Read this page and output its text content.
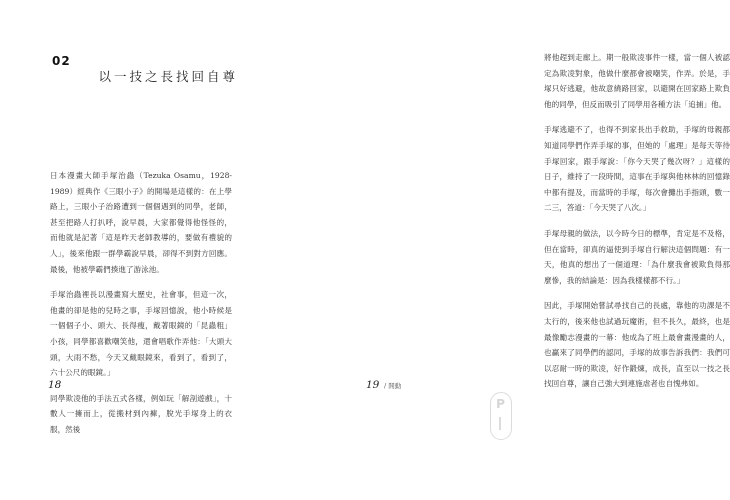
02
以一技之長找回自尊

日本漫畫大師手塚治蟲（Tezuka Osamu，1928-1989）經典作《三眼小子》的開場是這樣的：在上學路上，三眼小子治路遭到一個個遇到的同學，老師，甚至把路人打扒呼，說早晨，大家都覺得他怪怪的，而他就是記著「這是昨天老師教導的，要做有禮貌的人」，後來他跟一群學霸說早晨，卻得不到對方回應。最後，他被學霸們揍進了游泳池。

手塚治蟲裡長以漫畫寫大歷史，社會事，但這一次，他畫的卻是他的兒時之事，手塚回憶說，他小時候是一個個子小、頭大、長得瘦，戴著眼鏡的「昆蟲粗」小孩，同學都喜歡嘲笑他，還會唱歌作弄他：「大頭大頭，大雨不愁，今天又戴眼鏡來，看到了，看到了，六十公尺的眼鏡。」

同學欺凌他的手法五式各樣，例如玩「解剖遊戲」，十數人一擁而上，從搬材到內褲，脫光手塚身上的衣服，然後

18

將他趕到走廊上。期一般欺凌事件一樣，當一個人被認定為欺凌對象，他做什麼都會被嘲笑，作弄。於是，手塚只好逃避，他故意繞路回家，以避開在回家路上欺負他的同學，但反而吸引了同學用各種方法「追捕」他。

手塚逃避不了，也得不到家長出手救助，手塚的母親都知道同學們作弄手塚的事，但她的「處理」是每天等待手塚回家，跟手塚說：「你今天哭了幾次呀？」這樣的日子，維持了一段時間，這事在手塚與他林林的回憶錄中都有提及，而當時的手塚，每次會攤出手指頭，數一二三，答道：「今天哭了八次。」

手塚母親的做法，以今時今日的標準，肯定是不及格，但在當時，卻真的逼使到手塚自行解決這個問題：有一天，他真的想出了一個道理：「為什麼我會被欺負得那麼慘，我的結論是：因為我樣樣都不行。」

因此，手塚開始嘗試尋找自己的長處，靠他的功課是不太行的，後來他也試過玩魔術，但不長久，最終，也是最像勵志漫畫的一幕：他成為了班上最會畫漫畫的人，也贏來了同學們的認同，手塚的故事告訴我們：我們可以忍耐一時的欺凌，好作鍛煉，成長，直至以一技之長找回自尊，讓自己強大到連施虐者也自愧弗如。

19 / 開動
P
